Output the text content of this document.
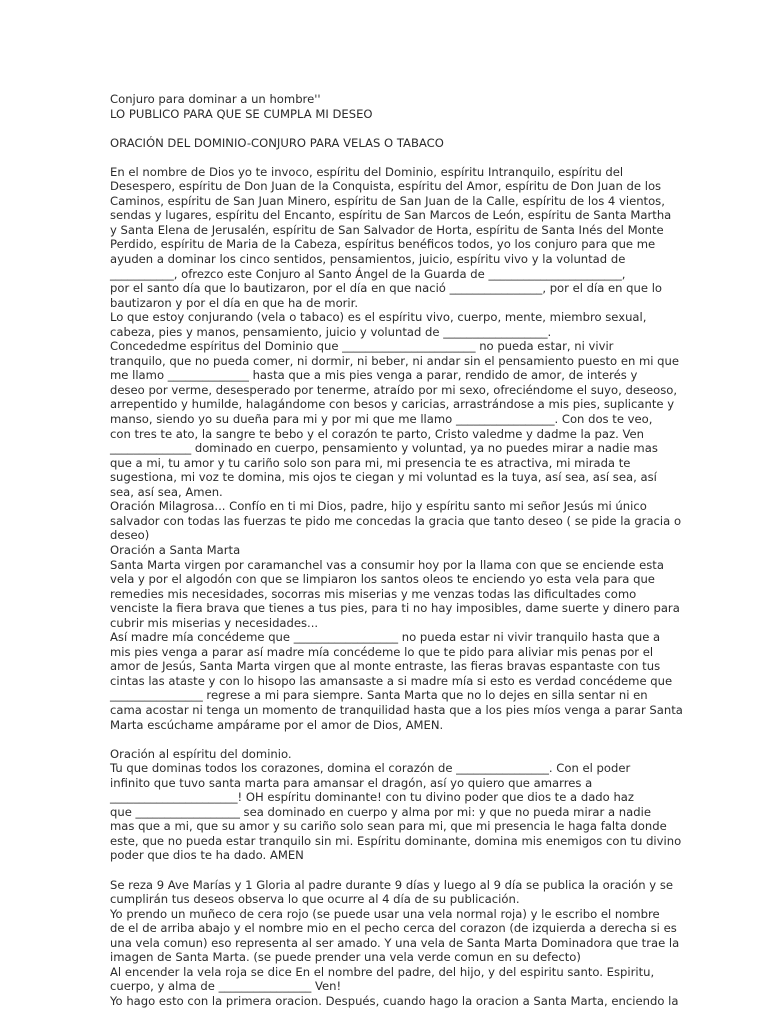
Conjuro para dominar a un hombre''
LO PUBLICO PARA QUE SE CUMPLA MI DESEO
ORACIÓN DEL DOMINIO-CONJURO PARA VELAS O TABACO
En el nombre de Dios yo te invoco, espíritu del Dominio, espíritu Intranquilo, espíritu del
Desespero, espíritu de Don Juan de la Conquista, espíritu del Amor, espíritu de Don Juan de los
Caminos, espíritu de San Juan Minero, espíritu de San Juan de la Calle, espíritu de los 4 vientos,
sendas y lugares, espíritu del Encanto, espíritu de San Marcos de León, espíritu de Santa Martha
y Santa Elena de Jerusalén, espíritu de San Salvador de Horta, espíritu de Santa Inés del Monte
Perdido, espíritu de Maria de la Cabeza, espíritus benéficos todos, yo los conjuro para que me
ayuden a dominar los cinco sentidos, pensamientos, juicio, espíritu vivo y la voluntad de
___________, ofrezco este Conjuro al Santo Ángel de la Guarda de _______________________,
por el santo día que lo bautizaron, por el día en que nació ________________, por el día en que lo
bautizaron y por el día en que ha de morir.
Lo que estoy conjurando (vela o tabaco) es el espíritu vivo, cuerpo, mente, miembro sexual,
cabeza, pies y manos, pensamiento, juicio y voluntad de __________________.
Concededme espíritus del Dominio que _______________________ no pueda estar, ni vivir
tranquilo, que no pueda comer, ni dormir, ni beber, ni andar sin el pensamiento puesto en mi que
me llamo ______________ hasta que a mis pies venga a parar, rendido de amor, de interés y
deseo por verme, desesperado por tenerme, atraído por mi sexo, ofreciéndome el suyo, deseoso,
arrepentido y humilde, halagándome con besos y caricias, arrastrándose a mis pies, suplicante y
manso, siendo yo su dueña para mi y por mi que me llamo _________________. Con dos te veo,
con tres te ato, la sangre te bebo y el corazón te parto, Cristo valedme y dadme la paz. Ven
______________ dominado en cuerpo, pensamiento y voluntad, ya no puedes mirar a nadie mas
que a mi, tu amor y tu cariño solo son para mi, mi presencia te es atractiva, mi mirada te
sugestiona, mi voz te domina, mis ojos te ciegan y mi voluntad es la tuya, así sea, así sea, así
sea, así sea, Amen.
Oración Milagrosa... Confío en ti mi Dios, padre, hijo y espíritu santo mi señor Jesús mi único
salvador con todas las fuerzas te pido me concedas la gracia que tanto deseo ( se pide la gracia o
deseo)
Oración a Santa Marta
Santa Marta virgen por caramanchel vas a consumir hoy por la llama con que se enciende esta
vela y por el algodón con que se limpiaron los santos oleos te enciendo yo esta vela para que
remedies mis necesidades, socorras mis miserias y me venzas todas las dificultades como
venciste la fiera brava que tienes a tus pies, para ti no hay imposibles, dame suerte y dinero para
cubrir mis miserias y necesidades...
Así madre mía concédeme que __________________ no pueda estar ni vivir tranquilo hasta que a
mis pies venga a parar así madre mía concédeme lo que te pido para aliviar mis penas por el
amor de Jesús, Santa Marta virgen que al monte entraste, las fieras bravas espantaste con tus
cintas las ataste y con lo hisopo las amansaste a si madre mía si esto es verdad concédeme que
________________ regrese a mi para siempre. Santa Marta que no lo dejes en silla sentar ni en
cama acostar ni tenga un momento de tranquilidad hasta que a los pies míos venga a parar Santa
Marta escúchame ampárame por el amor de Dios, AMEN.
Oración al espíritu del dominio.
Tu que dominas todos los corazones, domina el corazón de ________________. Con el poder
infinito que tuvo santa marta para amansar el dragón, así yo quiero que amarres a
______________________! OH espíritu dominante! con tu divino poder que dios te a dado haz
que __________________ sea dominado en cuerpo y alma por mi: y que no pueda mirar a nadie
mas que a mi, que su amor y su cariño solo sean para mi, que mi presencia le haga falta donde
este, que no pueda estar tranquilo sin mi. Espíritu dominante, domina mis enemigos con tu divino
poder que dios te ha dado. AMEN
Se reza 9 Ave Marías y 1 Gloria al padre durante 9 días y luego al 9 día se publica la oración y se
cumplirán tus deseos observa lo que ocurre al 4 día de su publicación.
Yo prendo un muñeco de cera rojo (se puede usar una vela normal roja) y le escribo el nombre
de el de arriba abajo y el nombre mio en el pecho cerca del corazon (de izquierda a derecha si es
una vela comun) eso representa al ser amado. Y una vela de Santa Marta Dominadora que trae la
imagen de Santa Marta. (se puede prender una vela verde comun en su defecto)
Al encender la vela roja se dice En el nombre del padre, del hijo, y del espiritu santo. Espiritu,
cuerpo, y alma de ________________ Ven!
Yo hago esto con la primera oracion. Después, cuando hago la oracion a Santa Marta, enciendo la
